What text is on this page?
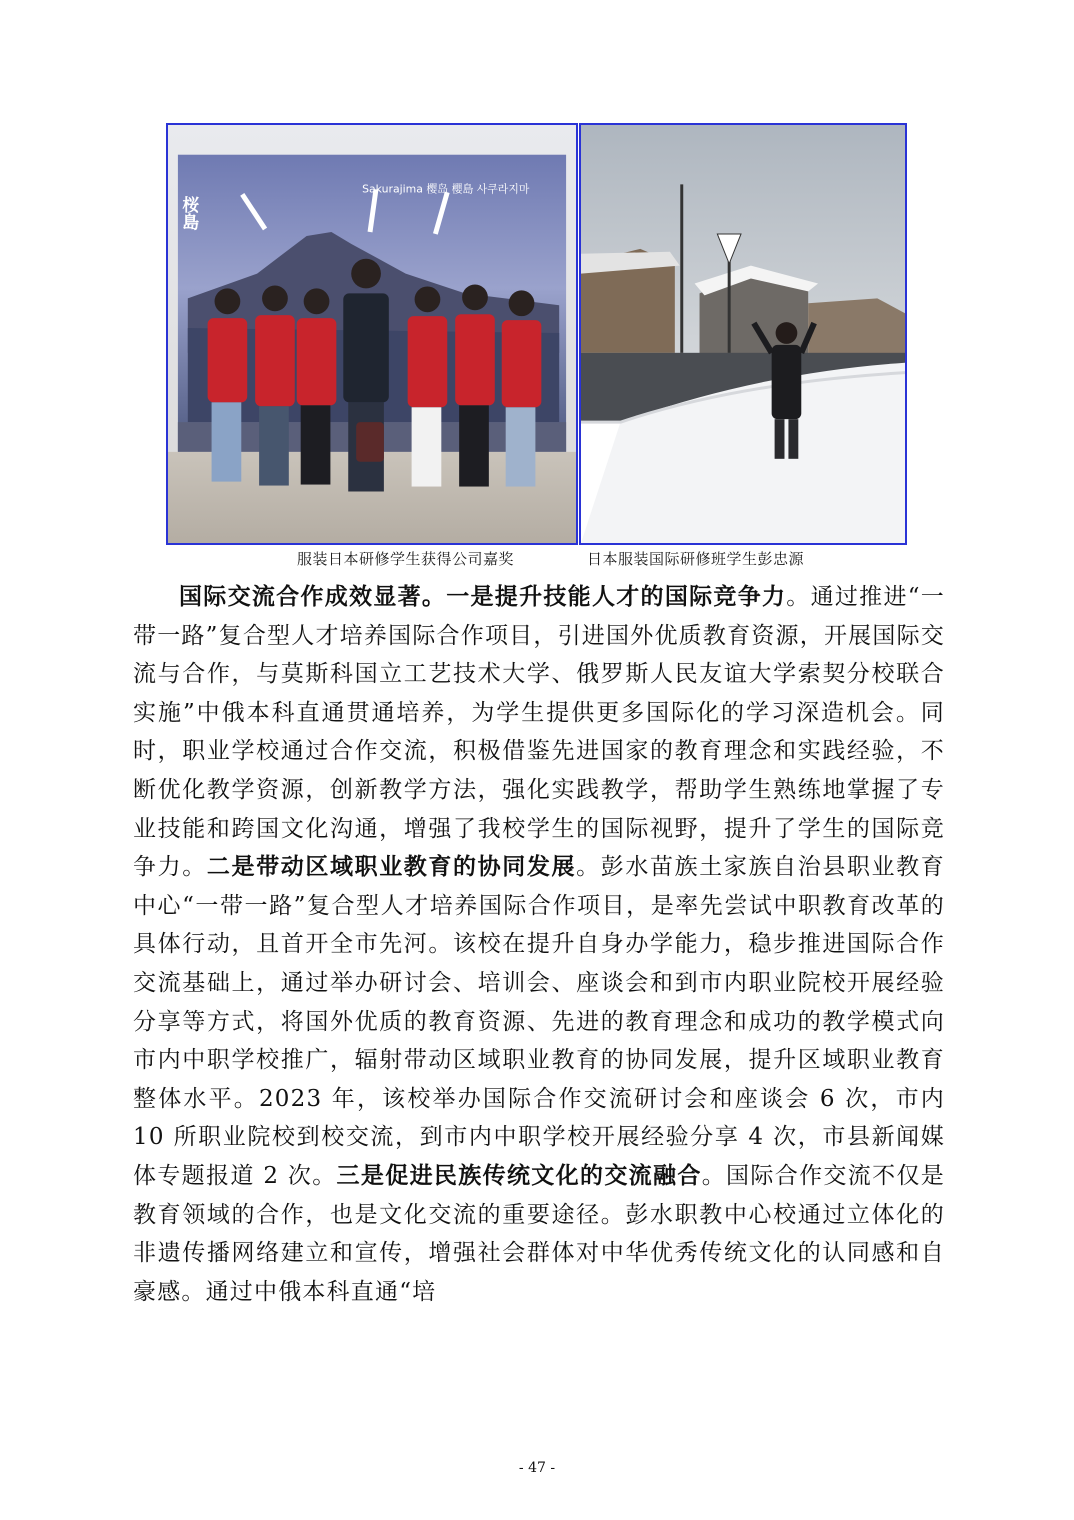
桜島
Sakurajima 樱岛 櫻島 사쿠라지마
服装日本研修学生获得公司嘉奖	日本服装国际研修班学生彭忠源

国际交流合作成效显著。一是提升技能人才的国际竞争力。通过推进“一带一路”复合型人才培养国际合作项目，引进国外优质教育资源，开展国际交流与合作，与莫斯科国立工艺技术大学、俄罗斯人民友谊大学索契分校联合实施”中俄本科直通贯通培养，为学生提供更多国际化的学习深造机会。同时，职业学校通过合作交流，积极借鉴先进国家的教育理念和实践经验，不断优化教学资源，创新教学方法，强化实践教学，帮助学生熟练地掌握了专业技能和跨国文化沟通，增强了我校学生的国际视野，提升了学生的国际竞争力。二是带动区域职业教育的协同发展。彭水苗族土家族自治县职业教育中心“一带一路”复合型人才培养国际合作项目，是率先尝试中职教育改革的具体行动，且首开全市先河。该校在提升自身办学能力，稳步推进国际合作交流基础上，通过举办研讨会、培训会、座谈会和到市内职业院校开展经验分享等方式，将国外优质的教育资源、先进的教育理念和成功的教学模式向市内中职学校推广，辐射带动区域职业教育的协同发展，提升区域职业教育整体水平。2023 年，该校举办国际合作交流研讨会和座谈会 6 次，市内 10 所职业院校到校交流，到市内中职学校开展经验分享 4 次，市县新闻媒体专题报道 2 次。三是促进民族传统文化的交流融合。国际合作交流不仅是教育领域的合作，也是文化交流的重要途径。彭水职教中心校通过立体化的非遗传播网络建立和宣传，增强社会群体对中华优秀传统文化的认同感和自豪感。通过中俄本科直通“培

- 47 -
